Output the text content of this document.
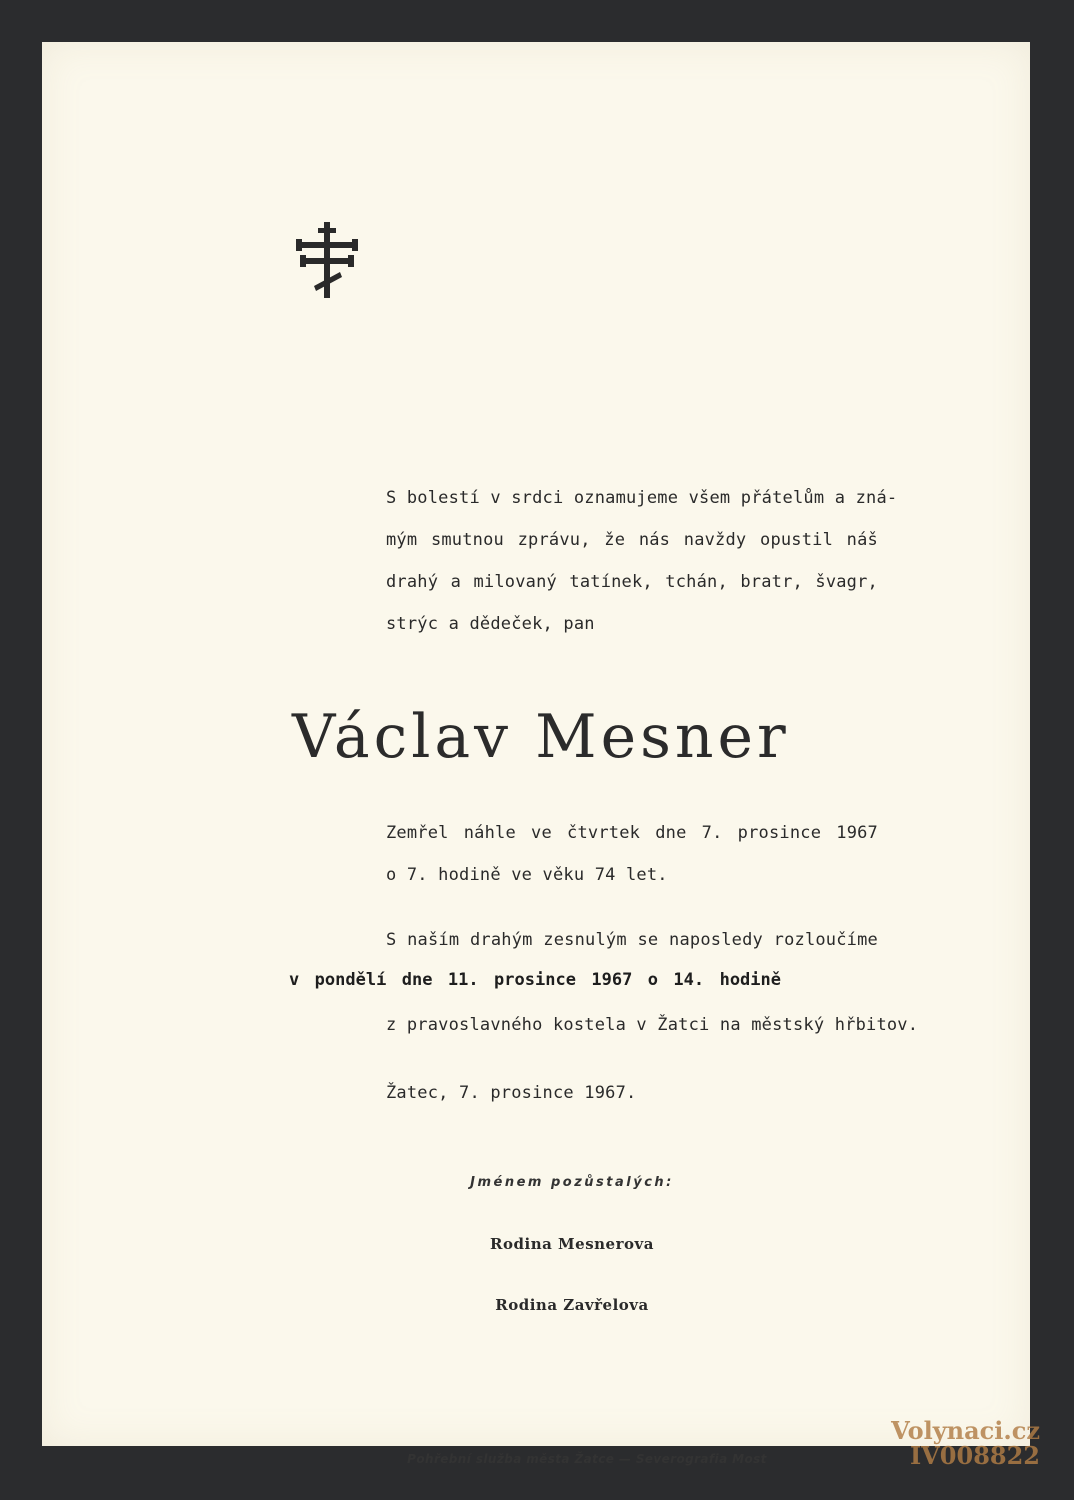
S bolestí v srdci oznamujeme všem přátelům a zná-
mým smutnou zprávu, že nás navždy opustil náš
drahý a milovaný tatínek, tchán, bratr, švagr,
strýc a dědeček, pan
Václav Mesner
Zemřel náhle ve čtvrtek dne 7. prosince 1967
o 7. hodině ve věku 74 let.
S naším drahým zesnulým se naposledy rozloučíme
v pondělí dne 11. prosince 1967 o 14. hodině
z pravoslavného kostela v Žatci na městský hřbitov.
Žatec, 7. prosince 1967.
Jménem pozůstalých:
Rodina Mesnerova
Rodina Zavřelova
Pohřební služba města Žatce — Severografia Most
Volynaci.cz
IV008822
